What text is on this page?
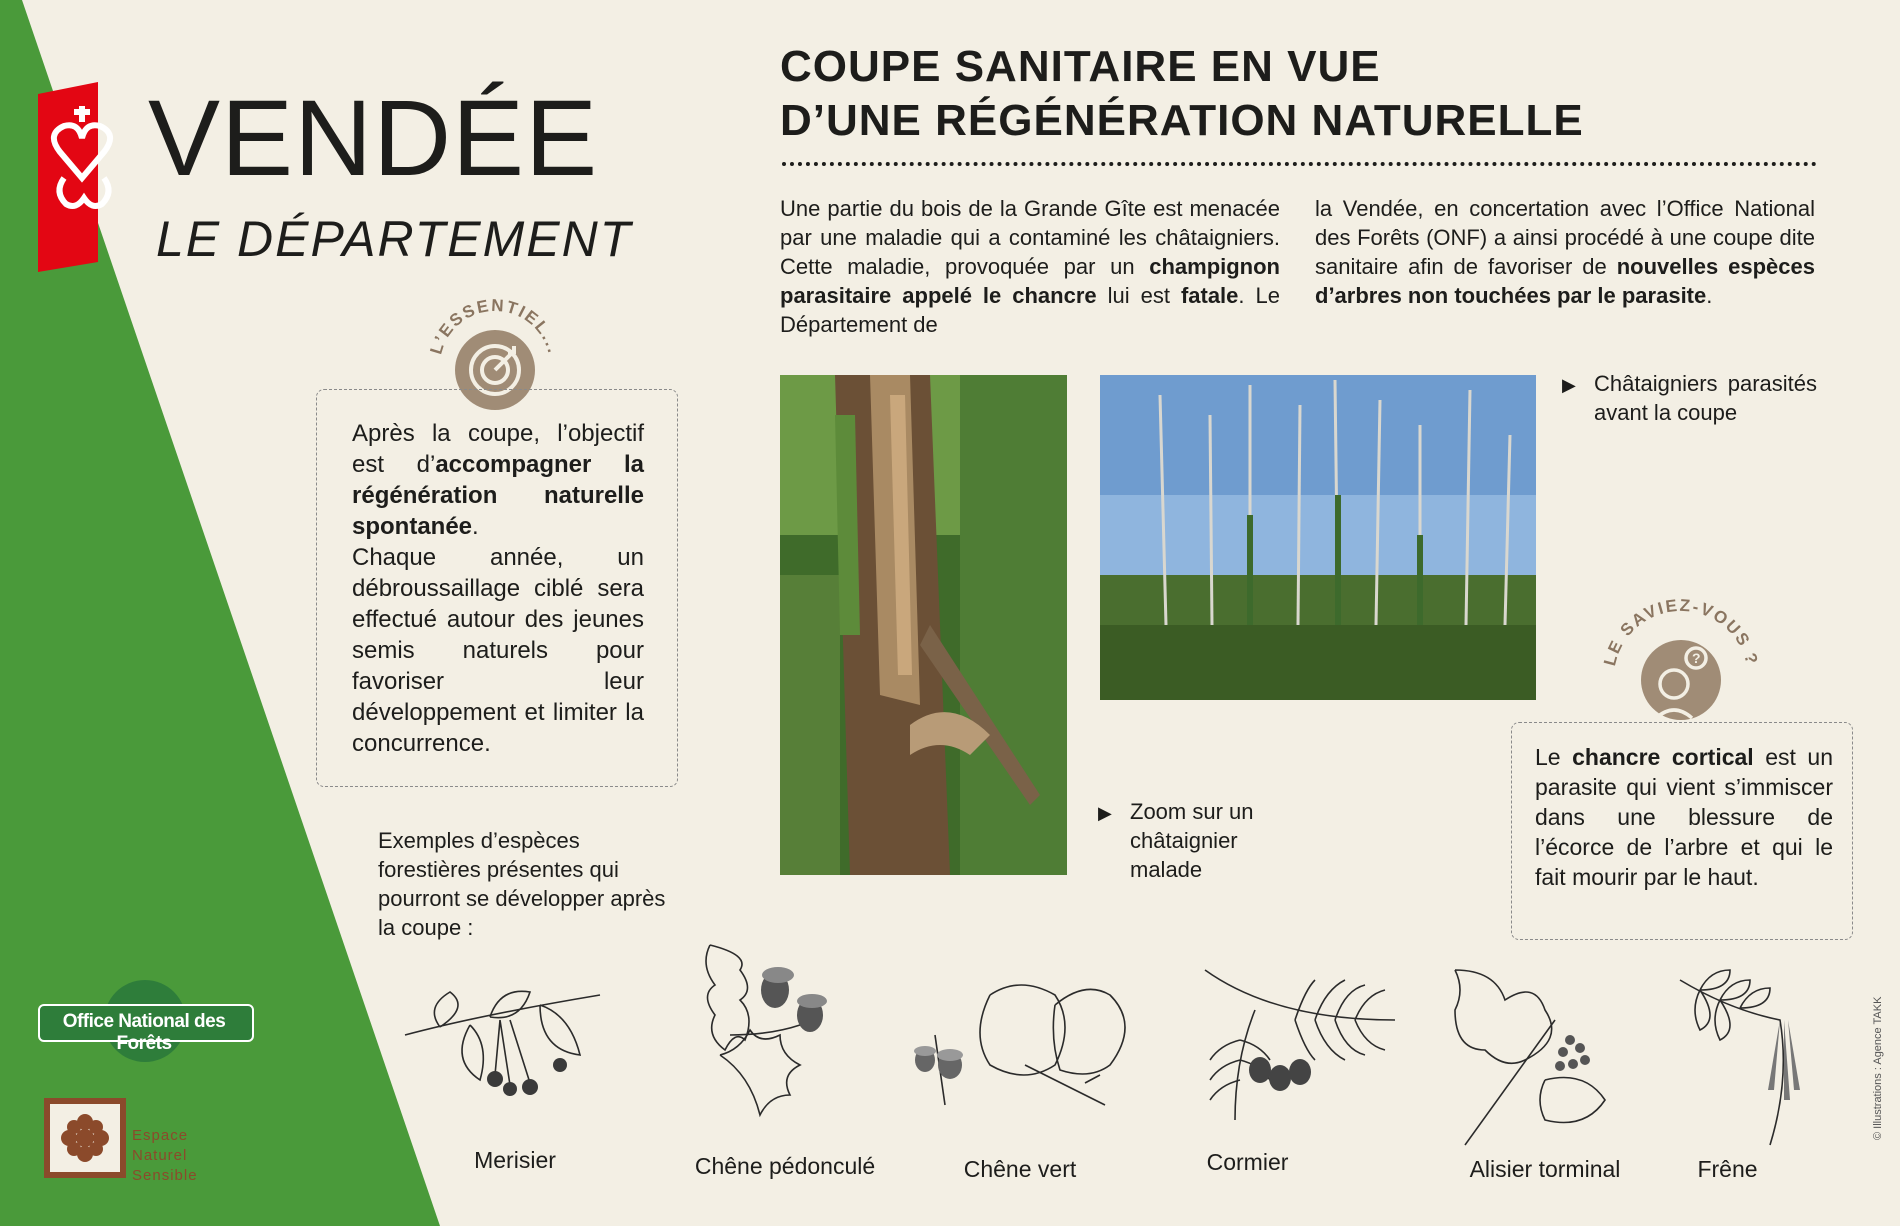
VENDÉE
LE DÉPARTEMENT
COUPE SANITAIRE EN VUE
D’UNE RÉGÉNÉRATION NATURELLE
Une partie du bois de la Grande Gîte est menacée par une maladie qui a contaminé les châtaigniers. Cette maladie, provoquée par un champignon parasitaire appelé le chancre lui est fatale. Le Département de
la Vendée, en concertation avec l’Office National des Forêts (ONF) a ainsi procédé à une coupe dite sanitaire afin de favoriser de nouvelles espèces d’arbres non touchées par le parasite.
L’ESSENTIEL...
Après la coupe, l’objectif est d’accompagner la régénération naturelle spontanée.
Chaque année, un débroussaillage ciblé sera effectué autour des jeunes semis naturels pour favoriser leur développement et limiter la concurrence.
▶ Châtaigniers parasités avant la coupe
▶ Zoom sur un châtaignier malade
LE SAVIEZ-VOUS ?
?
Le chancre cortical est un parasite qui vient s’immiscer dans une blessure de l’écorce de l’arbre et qui le fait mourir par le haut.
Exemples d’espèces forestières présentes qui pourront se développer après la coupe :
Merisier	Chêne pédonculé	Chêne vert	Cormier	Alisier torminal	Frêne
Office National des Forêts
Espace
Naturel
Sensible
© Illustrations : Agence TAKK
